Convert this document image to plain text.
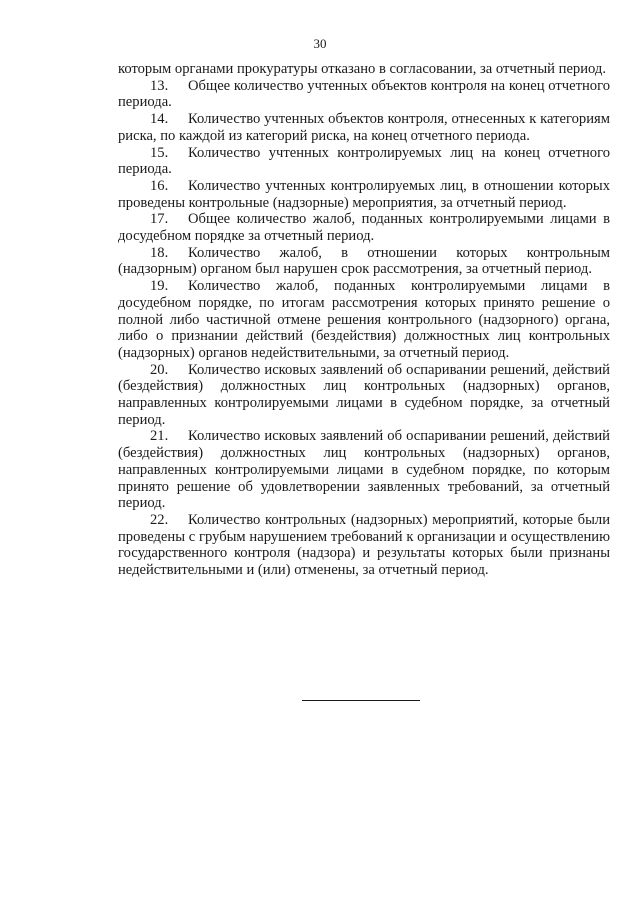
30

которым органами прокуратуры отказано в согласовании, за отчетный период.

13. Общее количество учтенных объектов контроля на конец отчетного периода.

14. Количество учтенных объектов контроля, отнесенных к категориям риска, по каждой из категорий риска, на конец отчетного периода.

15. Количество учтенных контролируемых лиц на конец отчетного периода.

16. Количество учтенных контролируемых лиц, в отношении которых проведены контрольные (надзорные) мероприятия, за отчетный период.

17. Общее количество жалоб, поданных контролируемыми лицами в досудебном порядке за отчетный период.

18. Количество жалоб, в отношении которых контрольным (надзорным) органом был нарушен срок рассмотрения, за отчетный период.

19. Количество жалоб, поданных контролируемыми лицами в досудебном порядке, по итогам рассмотрения которых принято решение о полной либо частичной отмене решения контрольного (надзорного) органа, либо о признании действий (бездействия) должностных лиц контрольных (надзорных) органов недействительными, за отчетный период.

20. Количество исковых заявлений об оспаривании решений, действий (бездействия) должностных лиц контрольных (надзорных) органов, направленных контролируемыми лицами в судебном порядке, за отчетный период.

21. Количество исковых заявлений об оспаривании решений, действий (бездействия) должностных лиц контрольных (надзорных) органов, направленных контролируемыми лицами в судебном порядке, по которым принято решение об удовлетворении заявленных требований, за отчетный период.

22. Количество контрольных (надзорных) мероприятий, которые были проведены с грубым нарушением требований к организации и осуществлению государственного контроля (надзора) и результаты которых были признаны недействительными и (или) отменены, за отчетный период.
